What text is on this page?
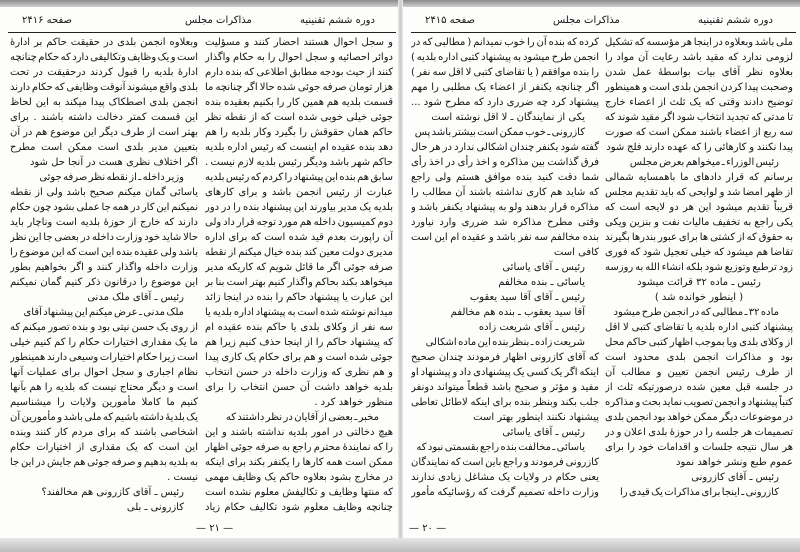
صفحه ۲۴۱۶	مذاکرات مجلس	دوره ششم تقنینیه
و سجل احوال هستند احضار کنند و مسؤلیت
دوائر احصائیه و سجل احوال را به حکام واگذار
کنند از حیث بودجه مطابق اطلاعی که بنده دارم
هزار تومان صرفه جوئی شده حالا اگر چنانچه ما
قسمت بلدیه هم همین کار را بکنیم بعقیده بنده
جوئی خیلی خوبی شده است که از نقطه نظر
حاکم همان حقوقش را بگیرد وکار بلدیه را هم
دهد بنده عقیده ام اینست که رئیس اداره بلدیه
حاکم شهر باشد ودیگر رئیس بلدیه لازم نیست .
سابق هم بنده این پیشنهاد را کردم که رئیس بلدیه
عبارت از رئیس انجمن باشد و برای کارهای
بلدیه یک مدیر بیاورند این پیشنهاد بنده را در دور
دوم کمیسیون داخله هم مورد توجه قرار داد ولی
آن راپورت بعدم قید شده است که برای اداره
مدیری دولت معین کند بنده خیال میکنم از نقطه
صرفه جوئی اگر ما قائل شویم که کاریکه مدیر
میخواهد بکند بحاکم واگذار کنیم بهتر است بنا بر
این عبارت یا پیشنهاد حاکم را بنده در اینجا زائد
میدانم نوشته شده است به پیشنهاد اداره بلدیه یا
سه نفر از وکلای بلدی یا حاکم بنده عقیده ام
که پیشنهاد حاکم را از اینجا حذف کنیم زیرا هم
جوئی شده است و هم برای حکام یک کاری پیدا
و هم نظری که وزارت داخله در حسن انتخاب
بلدیه خواهد داشت آن حسن انتخاب را برای
منظور خواهد کرد .
مخبر ـ بعضی از آقایان در نظر داشتند که
هیچ دخالتی در امور بلدیه نداشته باشند و این
را که نمایندهٔ محترم راجع به صرفه جوئی اظهار
ممکن است همه کارها را یکنفر بکند برای اینکه
در مخارج بشود بعلاوه حاکم یک وظایف مهمی
که منتها وظایف و تکالیفش معلوم نشده است
چنانچه وظایف معلوم شود تکالیف حکام زیاد
وبعلاوه انجمن بلدی در حقیقت حاکم بر ادارهٔ
است و یک وظایف وتکالیفی دارد که حکام چنانچه
ادارهٔ بلدیه را قبول کردند درحقیقت در تحت
بلدی واقع میشوند آنوقت وظایفی که حکام دارند
انجمن بلدی اصطکاک پیدا میکند به این لحاظ
این قسمت کمتر دخالت داشته باشند . برای
بهتر است از طرف دیگر این موضوع هم در آن
بتعیین مدیر بلدی است ممکن است مطرح
اگر اختلاف نظری هست در آنجا حل شود
وزیر داخله ـ از نقطه نظر صرفه جوئی
یاسائی گمان میکنم صحیح باشد ولی از نقطه
نمیکنم این کار در همه جا عملی بشود چون حکام
دارند که خارج از حوزهٔ بلدیه است وناچار باید
حالا شاید خود وزارت داخله در بعضی جا این نظر
باشد ولی عقیده بنده این است که این موضوع را
وزارت داخله واگذار کنند و اگر بخواهیم بطور
این موضوع را درقانون ذکر کنیم گمان نمیکنم
رئیس ـ آقای ملک مدنی
ملک مدنی ـ عرض میکنم این پیشنهاد آقای
از روی یک حسن نیتی بود و بنده تصور میکنم که
ما یک مقداری اختیارات حکام را کم کنیم خیلی
است زیرا حکام اختیارات وسیعی دارند همینطور
نظام اجباری و سجل احوال برای عملیات آنها
است و دیگر محتاج نیست که بلدیه را هم بآنها
کنیم ما کاملا مأمورین ولایات را میشناسیم
یک بلدیهٔ داشته باشیم که ملی باشد و مأمورین آن
اشخاصی باشند که برای مردم کار کنند وبنده
این است که یک مقداری از اختیارات حکام
به بلدیه بدهیم و صرفه جوئی هم جایش در این جا
نیست .
رئیس ـ آقای کازرونی هم مخالفند؟
کازرونی ـ بلی
— ۲۱ —
صفحه ۲۴۱۵	مذاکرات مجلس	دوره ششم تقنینیه
ملی باشد وبعلاوه در اینجا هر مؤسسه که تشکیل
لزومی ندارد که مقید باشد رعایت آن مواد را
بعلاوه نظر آقای بیات بواسطهٔ عمل شدن
وصحبت پیدا کردن انجمن بلدی است و همینطور
توضیح دادند وقتی که یک ثلث از اعضاء خارج
تا مدتی که تجدید انتخاب شود اگر مقید شوند که
سه ربع از اعضاء باشند ممکن است که صورت
پیدا نکنند و کارهائی را که عهده دارند فلج شود
رئیس الوزراء ـ میخواهم بعرض مجلس
برسانم که قرار دادهای ما باهمسایه شمالی
از ظهر امضا شد و لوایحی که باید تقدیم مجلس
قریباً تقدیم میشود این هر دو لایحه است که
یکی راجع به تخفیف مالیات نفت و بنزین ویکی
به حقوق که از کشتی ها برای عبور بندرها بگیرند
تقاضا هم میشود که خیلی تعجیل شود که فوری
زود ترطبع وتوزیع شود بلکه انشاء الله به روزسه
رئیس ـ ماده ۳۲ قرائت میشود
( اینطور خوانده شد )
ماده ۳۲ ـ مطالبی که در انجمن طرح میشود
پیشنهاد کتبی اداره بلدیه یا تقاضای کتبی لا اقل
از وکلای بلدی ویا بموجب اظهار کتبی حاکم محل
بود و مذاکرات انجمن بلدی محدود است
از طرف رئیس انجمن تعیین و مطالب آن
در جلسه قبل معین شده درصورتیکه ثلث از
کتباً پیشنهاد و انجمن تصویب نماید بحث و مذاکره
در موضوعات دیگر ممکن خواهد بود انجمن بلدی
تصمیمات هر جلسه را در حوزهٔ بلدی اعلان و در
هر سال نتیجه جلسات و اقدامات خود را برای
عموم طبع ونشر خواهد نمود
رئیس ـ آقای کازرونی
کازرونی ـ اینجا برای مذاکرات یک قیدی را
کرده که بنده آن را خوب نمیدانم ( مطالبی که در
انجمن طرح میشود به پیشنهاد کتبی اداره بلدیه )
را بنده موافقم ( یا تقاضای کتبی لا اقل سه نفر )
اگر چنانچه یکنفر از اعضاء یک مطلبی را مهم
پیشنهاد کرد چه ضرری دارد که مطرح شود ...
یکی از نمایندگان ـ لا اقل نوشته است
کازرونی ـ خوب ممکن است بیشتر باشد پس
گفته شود یکنفر چندان اشکالی ندارد در هر حال
فرق گذاشت بین مذاکره و اخذ رأی در اخذ رأی
شما دقت کنید بنده موافق هستم ولی راجع
که شاید هم کاری نداشته باشند آن مطالب را
مذاکره قرار بدهند ولو به پیشنهاد یکنفر باشد و
وقتی مطرح مذاکره شد ضرری وارد نیاورد
بنده مخالفم سه نفر باشد و عقیده ام این است
کافی است
رئیس ـ آقای یاسائی
یاسائی ـ بنده مخالفم
رئیس ـ آقای آقا سید یعقوب
آقا سید یعقوب ـ بنده هم مخالفم
رئیس ـ آقای شریعت زاده
شریعت زاده ـ بنظر بنده این ماده اشکالی
که آقای کازرونی اظهار فرمودند چندان صحیح
اینکه اگر یک کسی یک پیشنهادی داد و پیشنهاد او
مفید و مؤثر و صحیح باشد قطعاً میتواند دونفر
جلب بکند وبنظر بنده برای اینکه لاطائل تعاطی
پیشنهاد نکنند اینطور بهتر است
رئیس ـ آقای یاسائی
یاسائی ـ مخالفت بنده راجع بقسمتی نبود که
کازرونی فرمودند و راجع باین است که نمایندگان
یعنی حکام در ولایات یک مشاغل زیادی ندارند
وزارت داخله تصمیم گرفت که رؤسائیکه مأمور
— ۲۰ —
